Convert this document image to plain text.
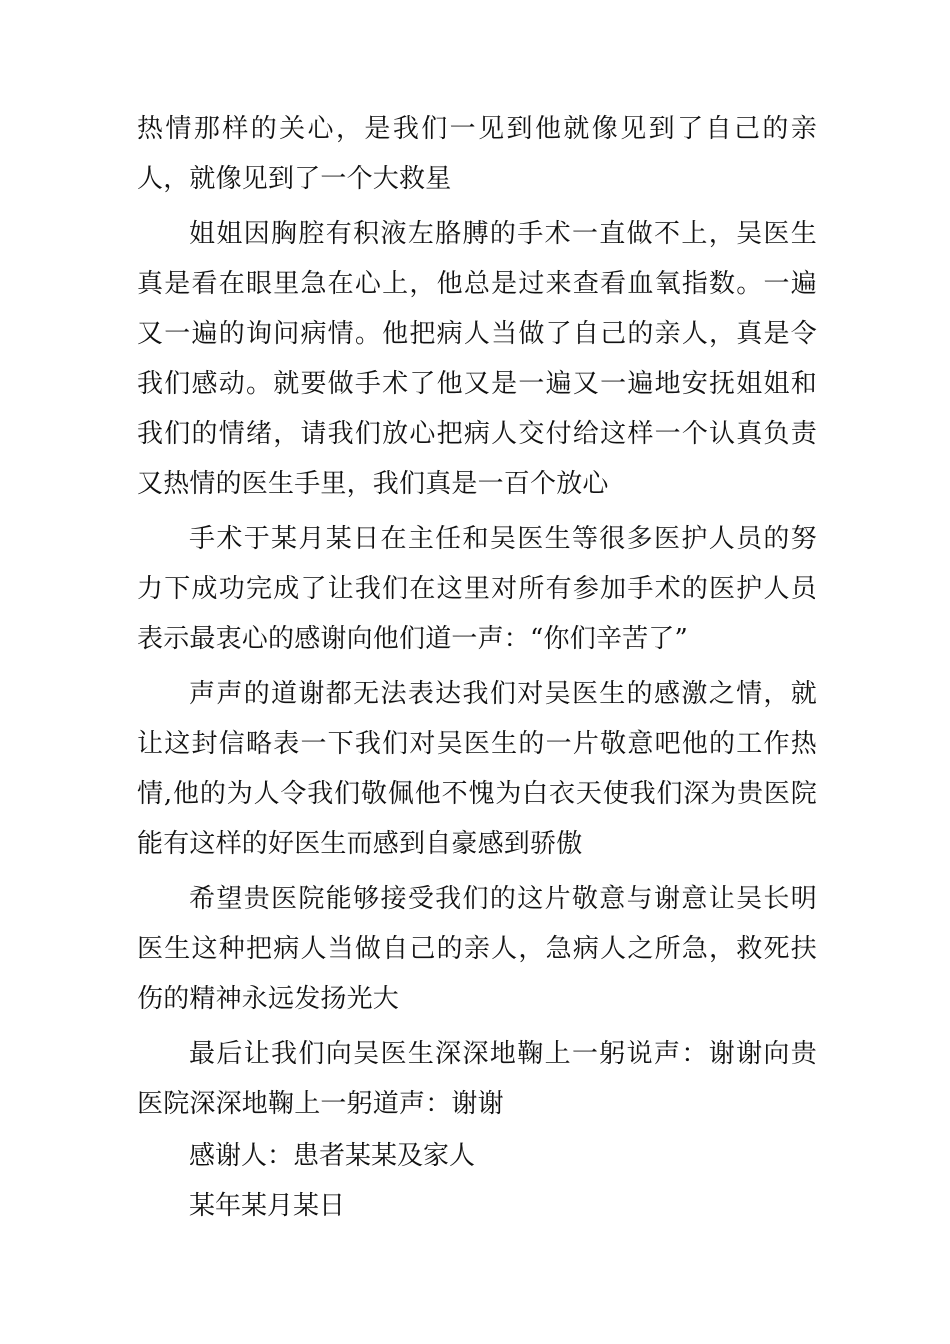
热情那样的关心，是我们一见到他就像见到了自己的亲人，就像见到了一个大救星

姐姐因胸腔有积液左胳膊的手术一直做不上，吴医生真是看在眼里急在心上，他总是过来查看血氧指数。一遍又一遍的询问病情。他把病人当做了自己的亲人，真是令我们感动。就要做手术了他又是一遍又一遍地安抚姐姐和我们的情绪，请我们放心把病人交付给这样一个认真负责又热情的医生手里，我们真是一百个放心

手术于某月某日在主任和吴医生等很多医护人员的努力下成功完成了让我们在这里对所有参加手术的医护人员表示最衷心的感谢向他们道一声：“你们辛苦了”

声声的道谢都无法表达我们对吴医生的感激之情，就让这封信略表一下我们对吴医生的一片敬意吧他的工作热情,他的为人令我们敬佩他不愧为白衣天使我们深为贵医院能有这样的好医生而感到自豪感到骄傲

希望贵医院能够接受我们的这片敬意与谢意让吴长明医生这种把病人当做自己的亲人，急病人之所急，救死扶伤的精神永远发扬光大

最后让我们向吴医生深深地鞠上一躬说声：谢谢向贵医院深深地鞠上一躬道声：谢谢

感谢人：患者某某及家人

某年某月某日
